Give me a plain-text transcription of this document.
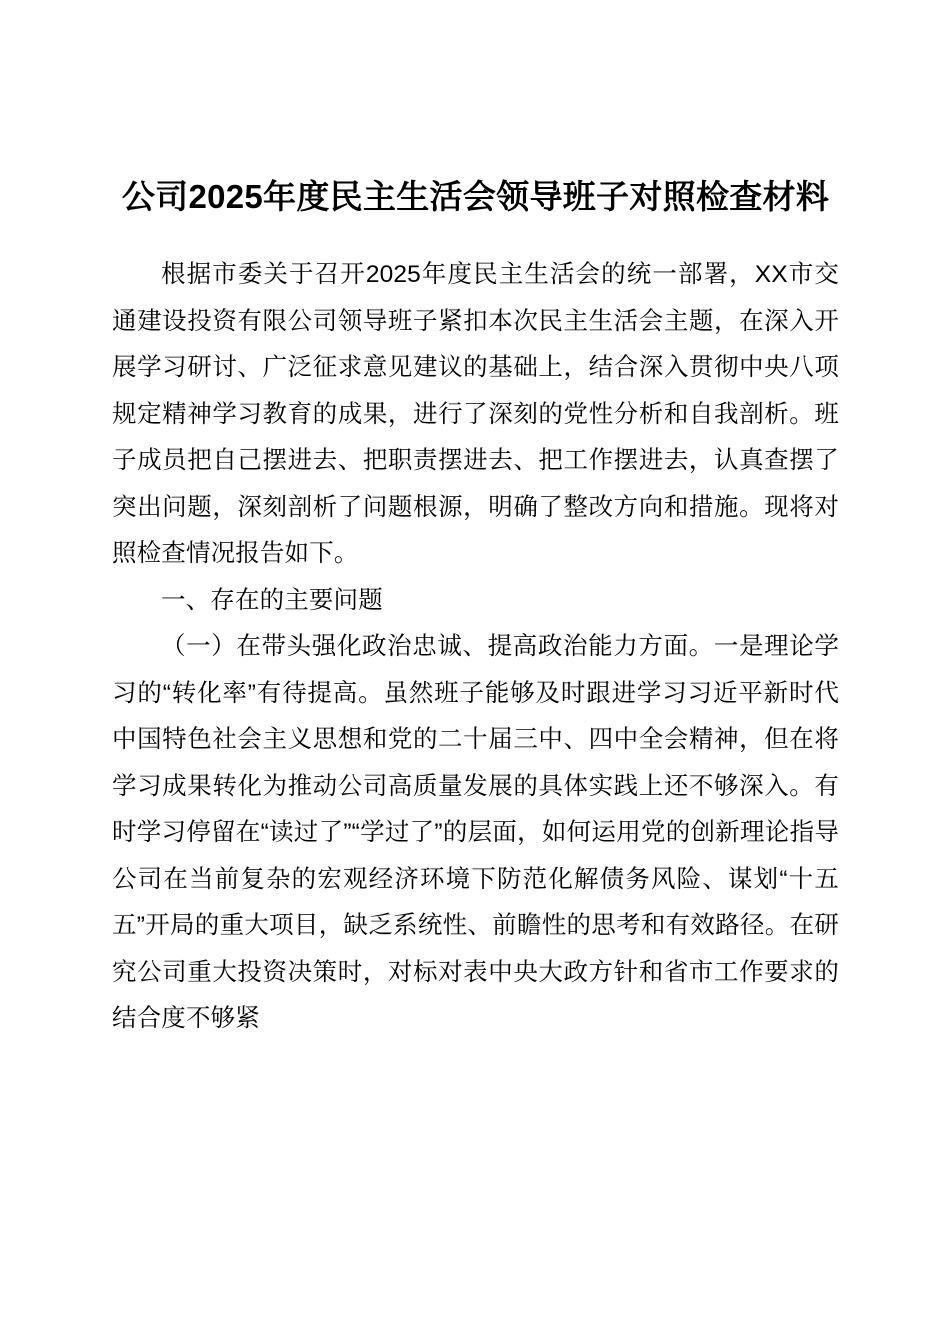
公司2025年度民主生活会领导班子对照检查材料

根据市委关于召开2025年度民主生活会的统一部署，XX市交通建设投资有限公司领导班子紧扣本次民主生活会主题，在深入开展学习研讨、广泛征求意见建议的基础上，结合深入贯彻中央八项规定精神学习教育的成果，进行了深刻的党性分析和自我剖析。班子成员把自己摆进去、把职责摆进去、把工作摆进去，认真查摆了突出问题，深刻剖析了问题根源，明确了整改方向和措施。现将对照检查情况报告如下。

一、存在的主要问题

（一）在带头强化政治忠诚、提高政治能力方面。一是理论学习的“转化率”有待提高。虽然班子能够及时跟进学习习近平新时代中国特色社会主义思想和党的二十届三中、四中全会精神，但在将学习成果转化为推动公司高质量发展的具体实践上还不够深入。有时学习停留在“读过了”“学过了”的层面，如何运用党的创新理论指导公司在当前复杂的宏观经济环境下防范化解债务风险、谋划“十五五”开局的重大项目，缺乏系统性、前瞻性的思考和有效路径。在研究公司重大投资决策时，对标对表中央大政方针和省市工作要求的结合度不够紧
